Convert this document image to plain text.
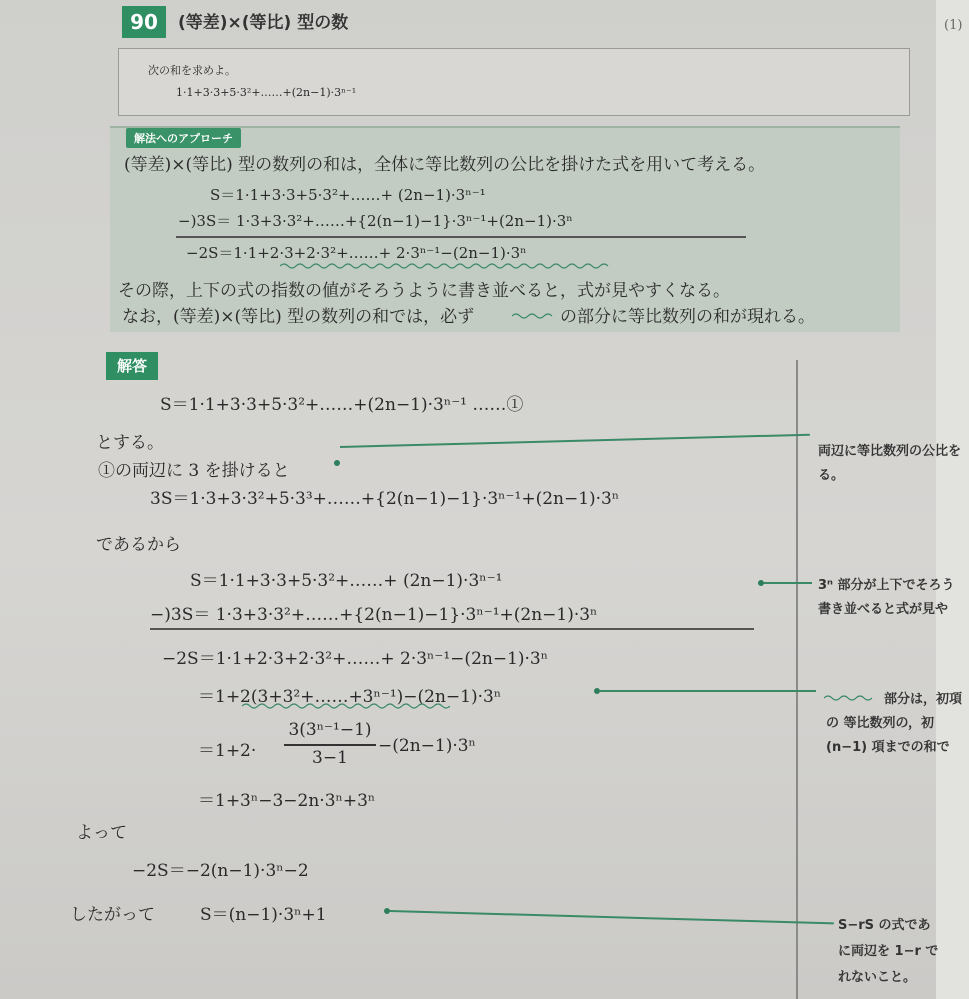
(1)
90	(等差)×(等比) 型の数
次の和を求めよ。
1·1+3·3+5·3²+……+(2n−1)·3ⁿ⁻¹
解法へのアプローチ
(等差)×(等比) 型の数列の和は，全体に等比数列の公比を掛けた式を用いて考える。
S＝1·1+3·3+5·3²+……+ (2n−1)·3ⁿ⁻¹
−)3S＝ 1·3+3·3²+……+{2(n−1)−1}·3ⁿ⁻¹+(2n−1)·3ⁿ
−2S＝1·1+2·3+2·3²+……+ 2·3ⁿ⁻¹−(2n−1)·3ⁿ
その際，上下の式の指数の値がそろうように書き並べると，式が見やすくなる。
なお，(等差)×(等比) 型の数列の和では，必ず	の部分に等比数列の和が現れる。
解答
S＝1·1+3·3+5·3²+……+(2n−1)·3ⁿ⁻¹ ……①
とする。
①の両辺に 3 を掛けると
3S＝1·3+3·3²+5·3³+……+{2(n−1)−1}·3ⁿ⁻¹+(2n−1)·3ⁿ
であるから
S＝1·1+3·3+5·3²+……+ (2n−1)·3ⁿ⁻¹
−)3S＝ 1·3+3·3²+……+{2(n−1)−1}·3ⁿ⁻¹+(2n−1)·3ⁿ
−2S＝1·1+2·3+2·3²+……+ 2·3ⁿ⁻¹−(2n−1)·3ⁿ
＝1+2(3+3²+……+3ⁿ⁻¹)−(2n−1)·3ⁿ
＝1+2·
3(3ⁿ⁻¹−1)
3−1
−(2n−1)·3ⁿ
＝1+3ⁿ−3−2n·3ⁿ+3ⁿ
よって
−2S＝−2(n−1)·3ⁿ−2
したがって	S＝(n−1)·3ⁿ+1
両辺に等比数列の公比を
る。
3ⁿ 部分が上下でそろう
書き並べると式が見や
部分は，初項
の 等比数列の，初
(n−1) 項までの和で
S−rS の式であ
に両辺を 1−r で
れないこと。
